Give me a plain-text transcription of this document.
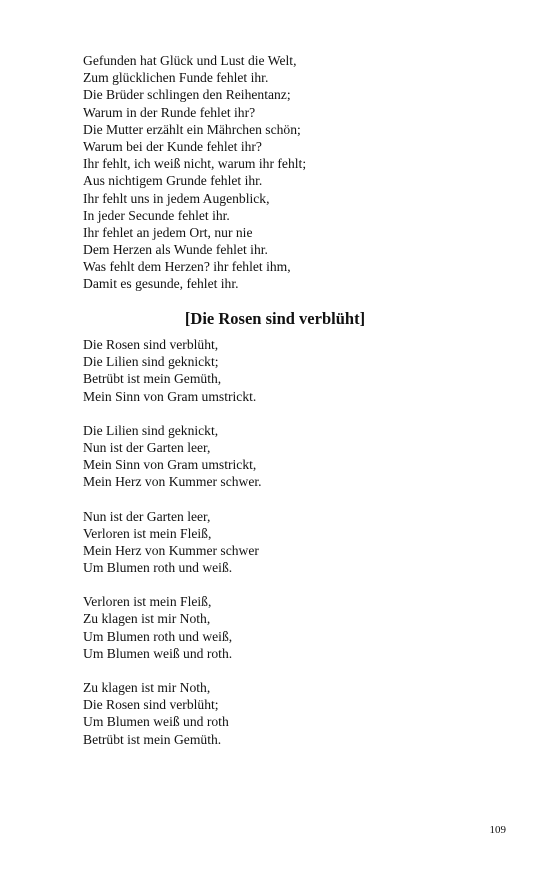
Gefunden hat Glück und Lust die Welt,
Zum glücklichen Funde fehlet ihr.
Die Brüder schlingen den Reihentanz;
Warum in der Runde fehlet ihr?
Die Mutter erzählt ein Mährchen schön;
Warum bei der Kunde fehlet ihr?
Ihr fehlt, ich weiß nicht, warum ihr fehlt;
Aus nichtigem Grunde fehlet ihr.
Ihr fehlt uns in jedem Augenblick,
In jeder Secunde fehlet ihr.
Ihr fehlet an jedem Ort, nur nie
Dem Herzen als Wunde fehlet ihr.
Was fehlt dem Herzen? ihr fehlet ihm,
Damit es gesunde, fehlet ihr.
[Die Rosen sind verblüht]
Die Rosen sind verblüht,
Die Lilien sind geknickt;
Betrübt ist mein Gemüth,
Mein Sinn von Gram umstrickt.
Die Lilien sind geknickt,
Nun ist der Garten leer,
Mein Sinn von Gram umstrickt,
Mein Herz von Kummer schwer.
Nun ist der Garten leer,
Verloren ist mein Fleiß,
Mein Herz von Kummer schwer
Um Blumen roth und weiß.
Verloren ist mein Fleiß,
Zu klagen ist mir Noth,
Um Blumen roth und weiß,
Um Blumen weiß und roth.
Zu klagen ist mir Noth,
Die Rosen sind verblüht;
Um Blumen weiß und roth
Betrübt ist mein Gemüth.
109
